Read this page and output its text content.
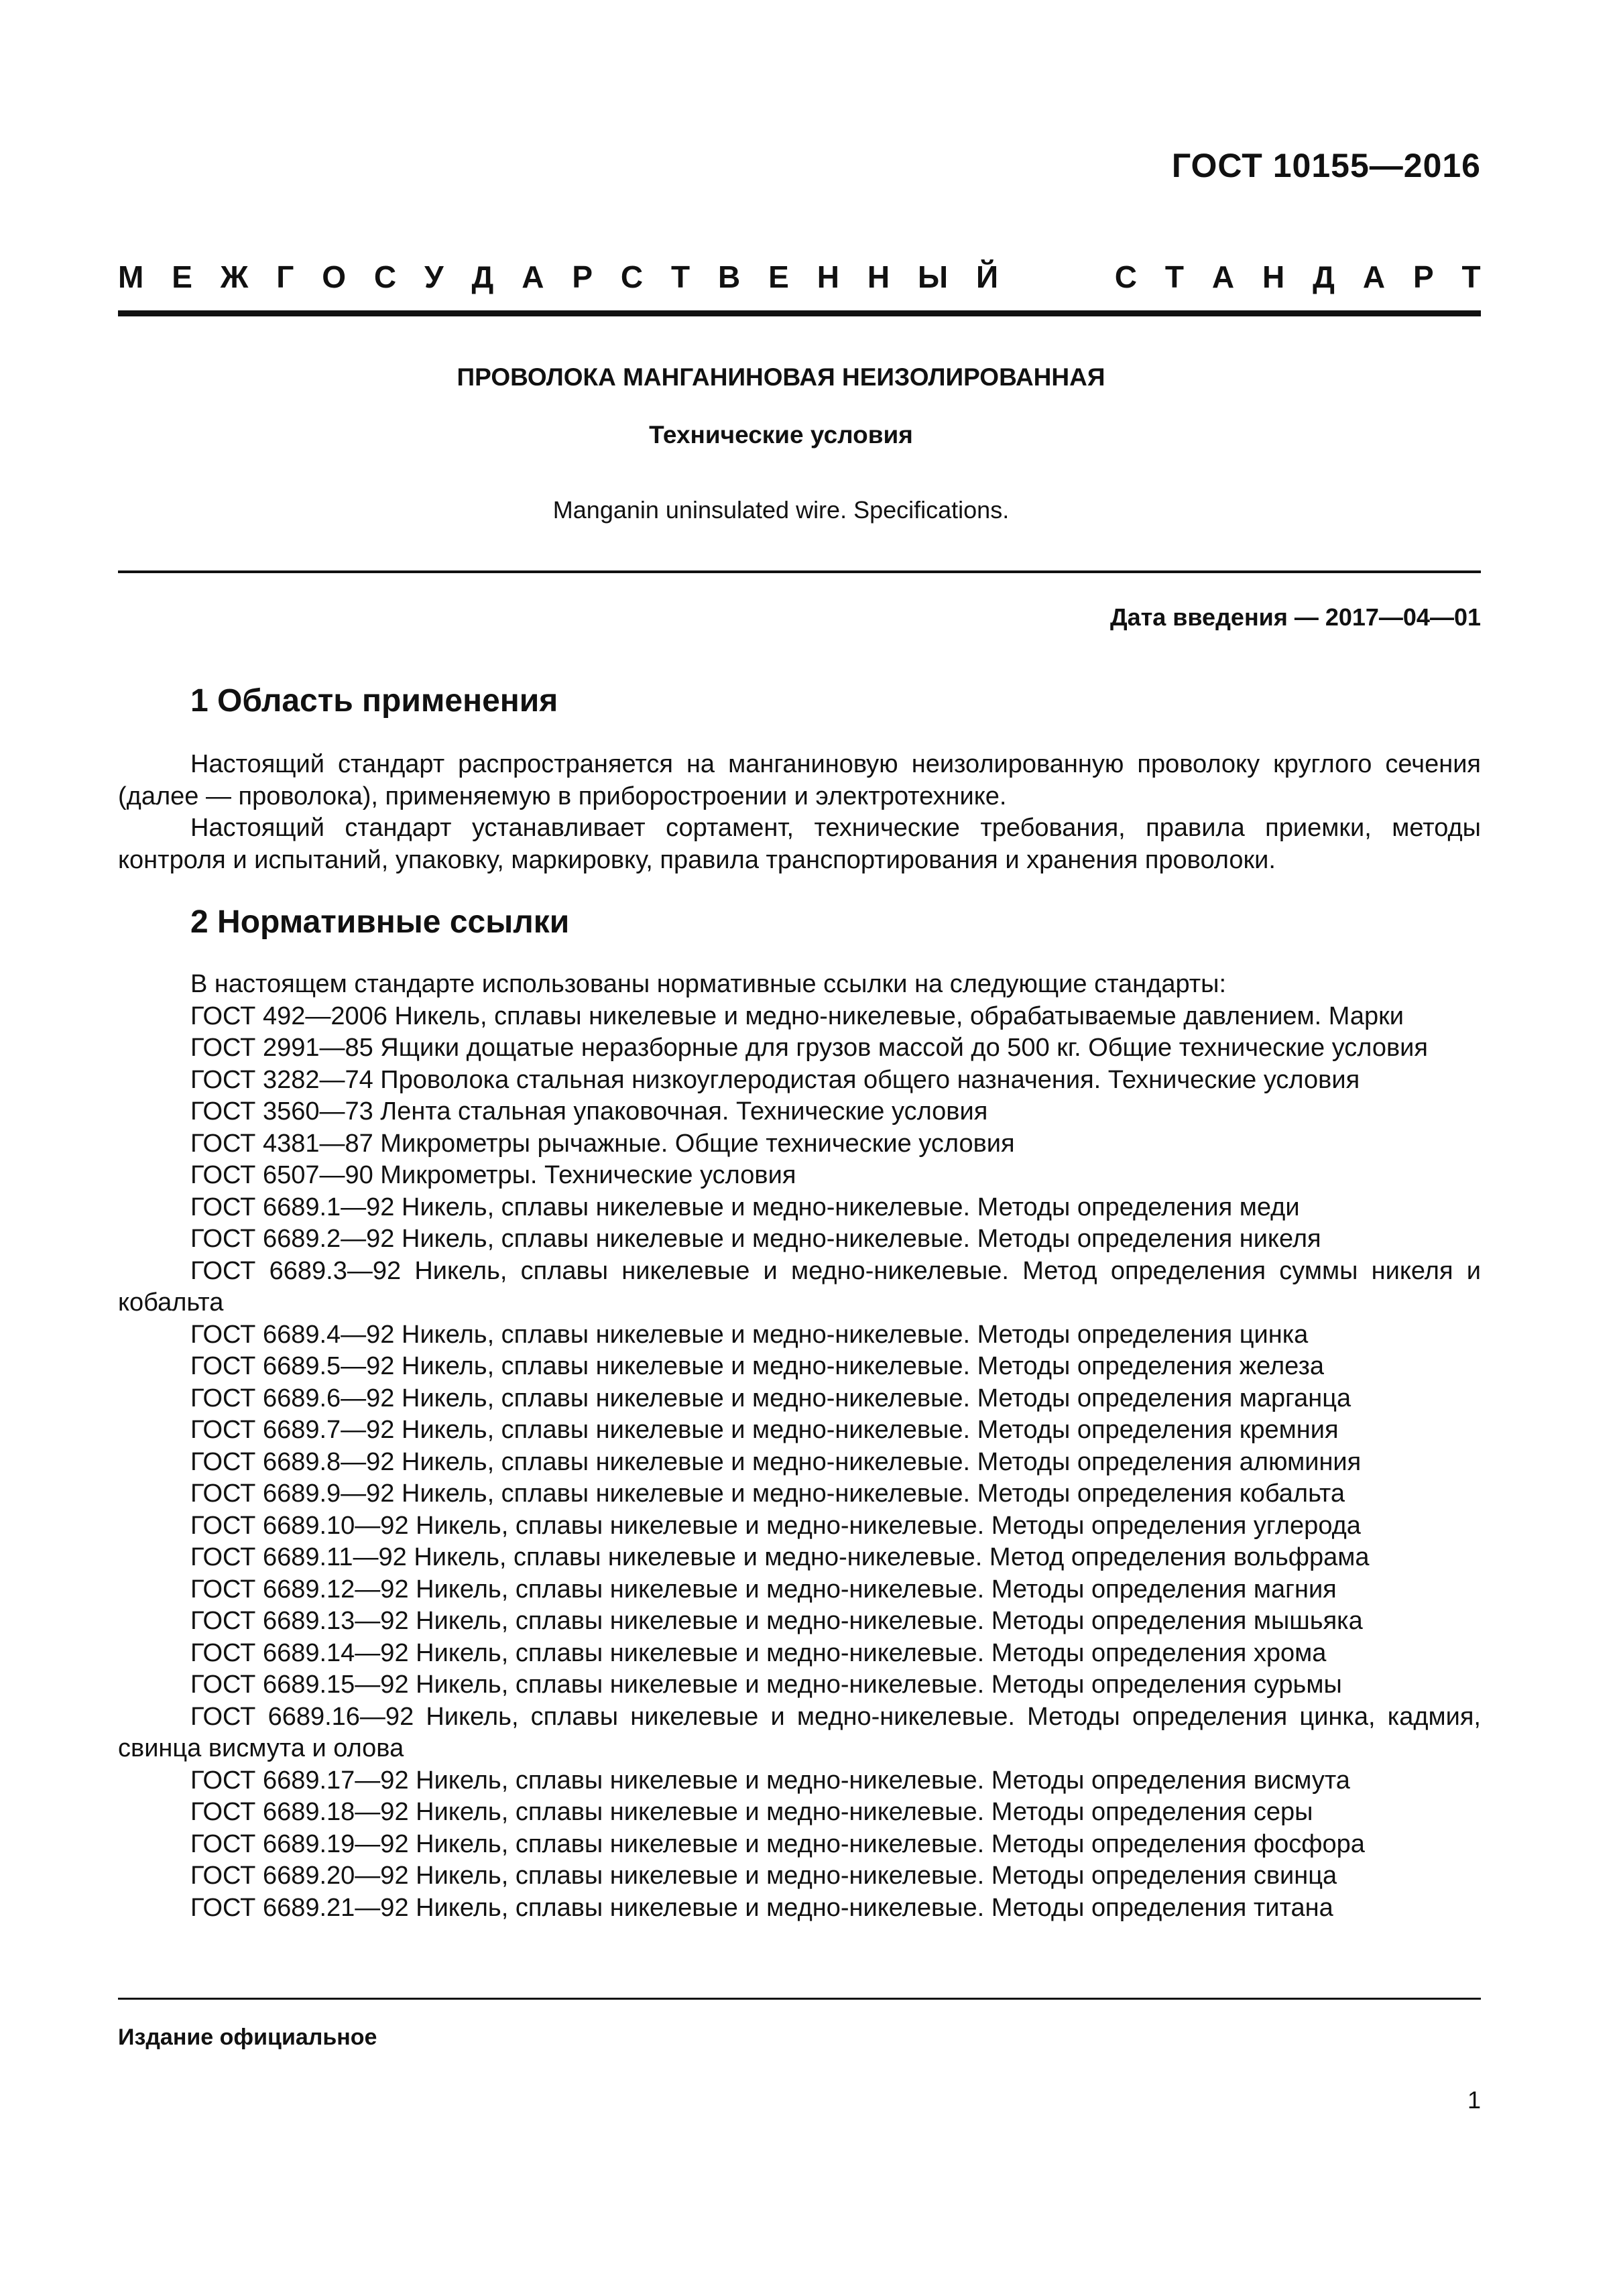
ГОСТ 10155—2016
М Е Ж Г О С У Д А Р С Т В Е Н Н Ы Й	С Т А Н Д А Р Т
ПРОВОЛОКА МАНГАНИНОВАЯ НЕИЗОЛИРОВАННАЯ
Технические условия
Manganin uninsulated wire. Specifications.
Дата введения — 2017—04—01
1 Область применения

Настоящий стандарт распространяется на манганиновую неизолированную проволоку круглого сечения (далее — проволока), применяемую в приборостроении и электротехнике.

Настоящий стандарт устанавливает сортамент, технические требования, правила приемки, методы контроля и испытаний, упаковку, маркировку, правила транспортирования и хранения проволоки.

2 Нормативные ссылки

В настоящем стандарте использованы нормативные ссылки на следующие стандарты:

ГОСТ 492—2006 Никель, сплавы никелевые и медно-никелевые, обрабатываемые давлением. Марки

ГОСТ 2991—85 Ящики дощатые неразборные для грузов массой до 500 кг. Общие технические условия

ГОСТ 3282—74 Проволока стальная низкоуглеродистая общего назначения. Технические условия

ГОСТ 3560—73 Лента стальная упаковочная. Технические условия

ГОСТ 4381—87 Микрометры рычажные. Общие технические условия

ГОСТ 6507—90 Микрометры. Технические условия

ГОСТ 6689.1—92 Никель, сплавы никелевые и медно-никелевые. Методы определения меди

ГОСТ 6689.2—92 Никель, сплавы никелевые и медно-никелевые. Методы определения никеля

ГОСТ 6689.3—92 Никель, сплавы никелевые и медно-никелевые. Метод определения суммы никеля и кобальта

ГОСТ 6689.4—92 Никель, сплавы никелевые и медно-никелевые. Методы определения цинка

ГОСТ 6689.5—92 Никель, сплавы никелевые и медно-никелевые. Методы определения железа

ГОСТ 6689.6—92 Никель, сплавы никелевые и медно-никелевые. Методы определения марганца

ГОСТ 6689.7—92 Никель, сплавы никелевые и медно-никелевые. Методы определения кремния

ГОСТ 6689.8—92 Никель, сплавы никелевые и медно-никелевые. Методы определения алюминия

ГОСТ 6689.9—92 Никель, сплавы никелевые и медно-никелевые. Методы определения кобальта

ГОСТ 6689.10—92 Никель, сплавы никелевые и медно-никелевые. Методы определения углерода

ГОСТ 6689.11—92 Никель, сплавы никелевые и медно-никелевые. Метод определения вольфрама

ГОСТ 6689.12—92 Никель, сплавы никелевые и медно-никелевые. Методы определения магния

ГОСТ 6689.13—92 Никель, сплавы никелевые и медно-никелевые. Методы определения мышьяка

ГОСТ 6689.14—92 Никель, сплавы никелевые и медно-никелевые. Методы определения хрома

ГОСТ 6689.15—92 Никель, сплавы никелевые и медно-никелевые. Методы определения сурьмы

ГОСТ 6689.16—92 Никель, сплавы никелевые и медно-никелевые. Методы определения цинка, кадмия, свинца висмута и олова

ГОСТ 6689.17—92 Никель, сплавы никелевые и медно-никелевые. Методы определения висмута

ГОСТ 6689.18—92 Никель, сплавы никелевые и медно-никелевые. Методы определения серы

ГОСТ 6689.19—92 Никель, сплавы никелевые и медно-никелевые. Методы определения фосфора

ГОСТ 6689.20—92 Никель, сплавы никелевые и медно-никелевые. Методы определения свинца

ГОСТ 6689.21—92 Никель, сплавы никелевые и медно-никелевые. Методы определения титана

Издание официальное
1
